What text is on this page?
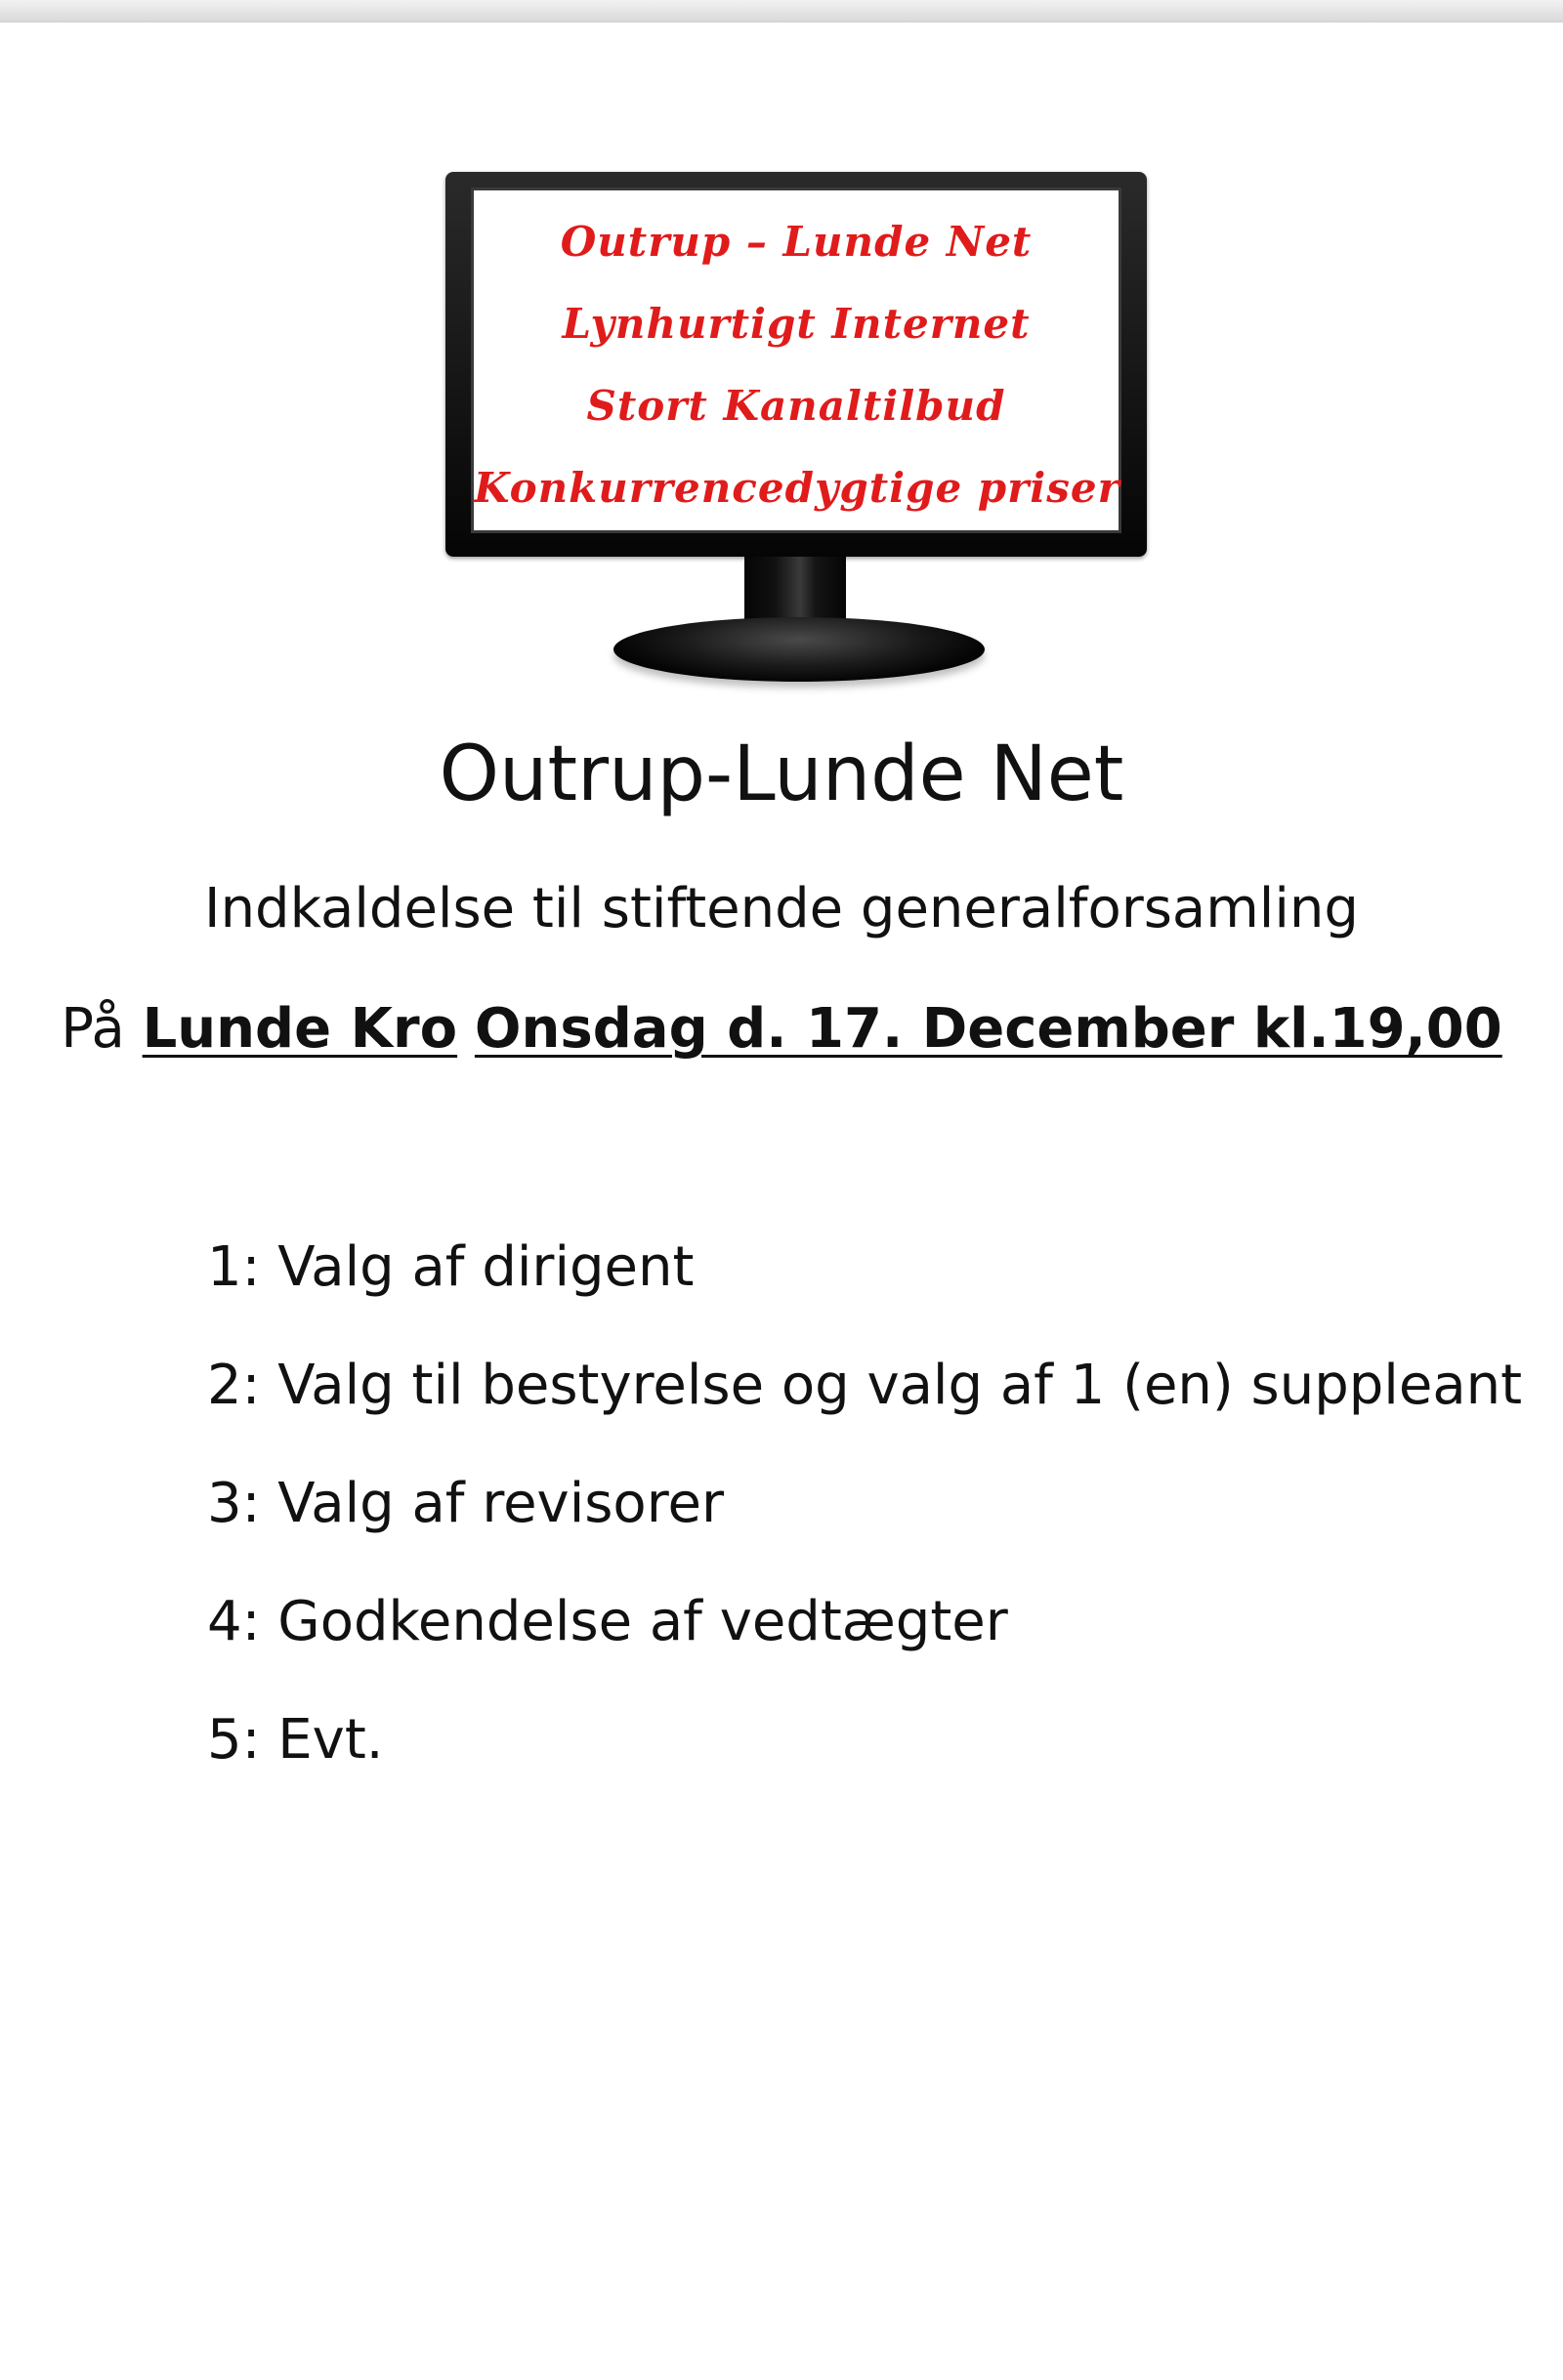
Outrup – Lunde Net
Lynhurtigt Internet
Stort Kanaltilbud
Konkurrencedygtige priser
Outrup-Lunde Net
Indkaldelse til stiftende generalforsamling
På Lunde Kro Onsdag d. 17. December kl.19,00
1: Valg af dirigent
2: Valg til bestyrelse og valg af 1 (en) suppleant
3: Valg af revisorer
4: Godkendelse af vedtægter
5: Evt.
